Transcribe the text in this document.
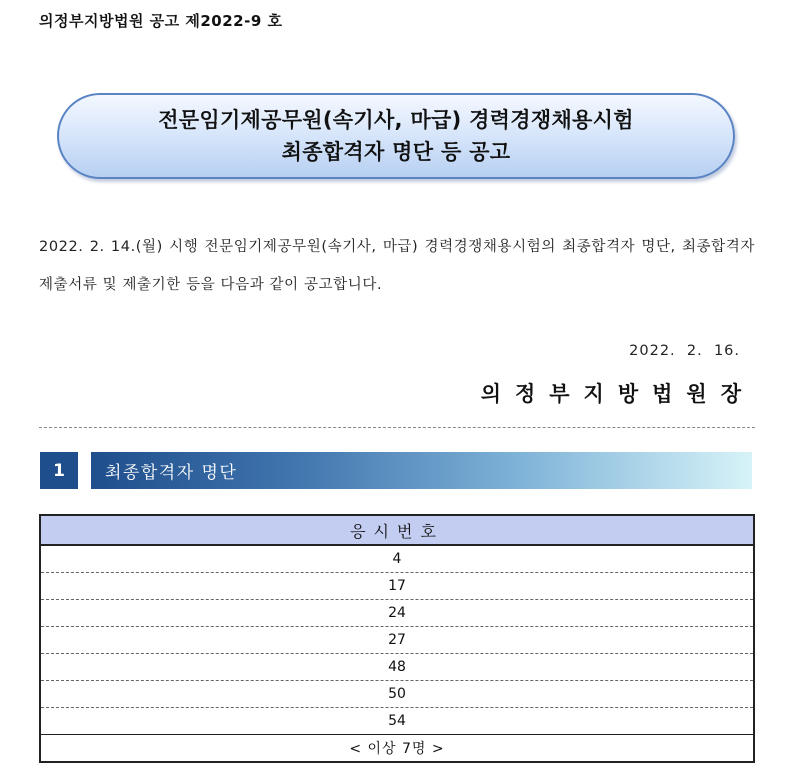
의정부지방법원 공고 제2022-9 호
전문임기제공무원(속기사, 마급) 경력경쟁채용시험
최종합격자 명단 등 공고
2022. 2. 14.(월) 시행 전문임기제공무원(속기사, 마급) 경력경쟁채용시험의 최종합격자 명단, 최종합격자 제출서류 및 제출기한 등을 다음과 같이 공고합니다.
2022.  2.  16.
의정부지방법원장
1	최종합격자 명단
응시번호
4
17
24
27
48
50
54
< 이상 7명 >
